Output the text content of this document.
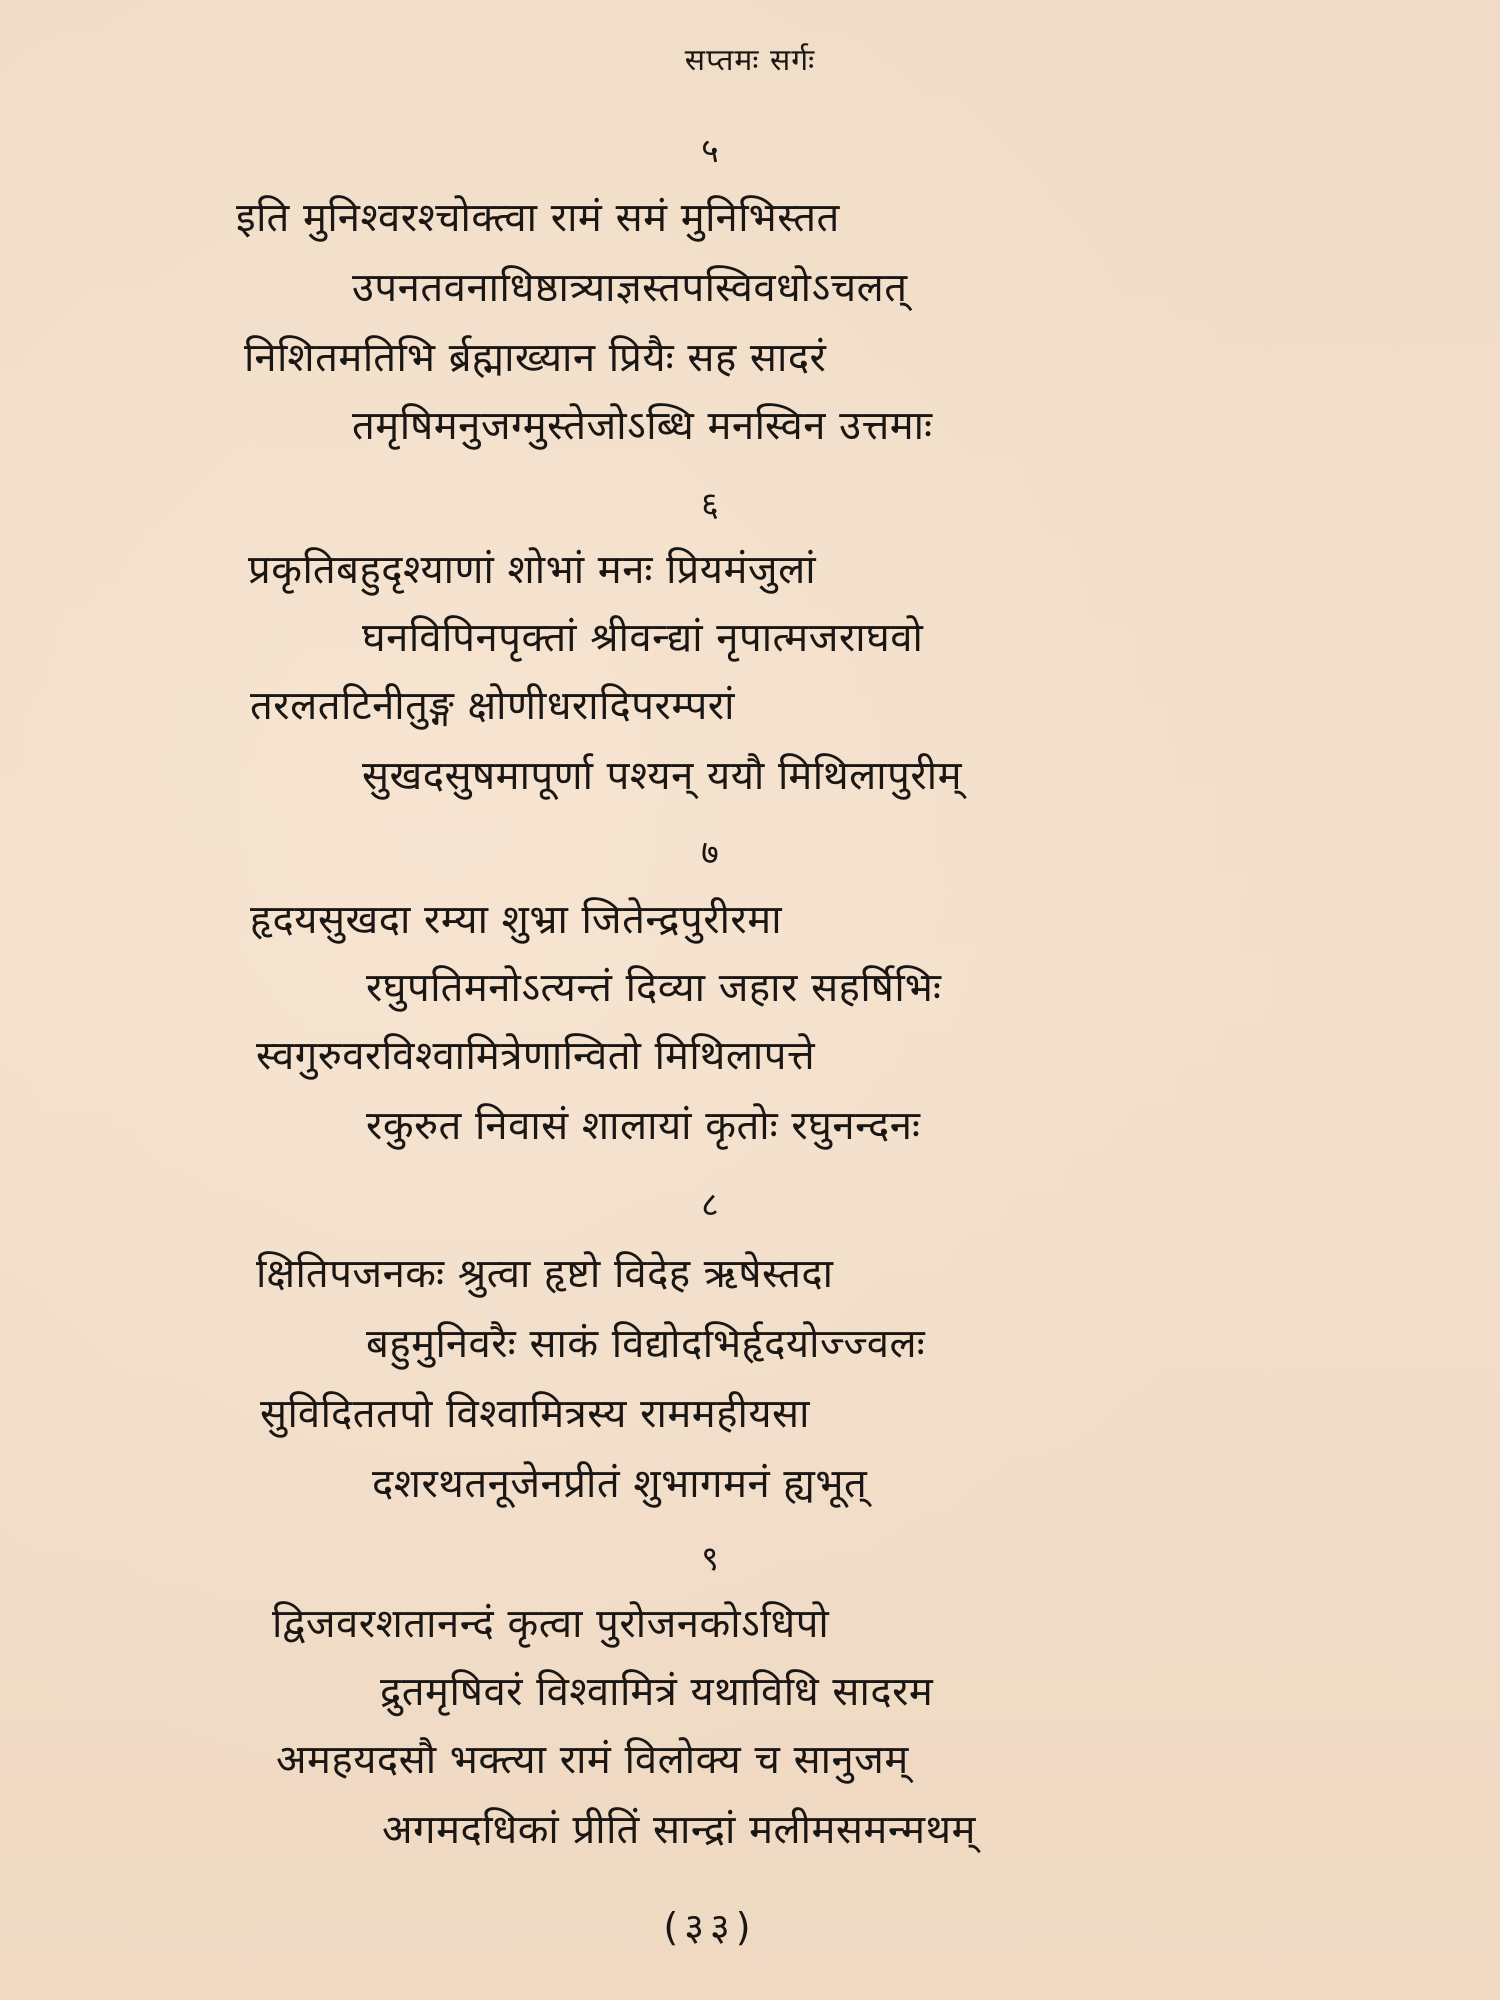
सप्तमः सर्गः
५
इति मुनिश्वरश्चोक्त्वा रामं समं मुनिभिस्तत
उपनतवनाधिष्ठात्र्याज्ञस्तपस्विवधोऽचलत्
निशितमतिभि र्ब्रह्माख्यान प्रियैः सह सादरं
तमृषिमनुजग्मुस्तेजोऽब्धि मनस्विन उत्तमाः
६
प्रकृतिबहुदृश्याणां शोभां मनः प्रियमंजुलां
घनविपिनपृक्तां श्रीवन्द्यां नृपात्मजराघवो
तरलतटिनीतुङ्ग क्षोणीधरादिपरम्परां
सुखदसुषमापूर्णा पश्यन् ययौ मिथिलापुरीम्
७
हृदयसुखदा रम्या शुभ्रा जितेन्द्रपुरीरमा
रघुपतिमनोऽत्यन्तं दिव्या जहार सहर्षिभिः
स्वगुरुवरविश्वामित्रेणान्वितो मिथिलापत्ते
रकुरुत निवासं शालायां कृतोः रघुनन्दनः
८
क्षितिपजनकः श्रुत्वा हृष्टो विदेह ऋषेस्तदा
बहुमुनिवरैः साकं विद्योदभिर्हृदयोज्ज्वलः
सुविदिततपो विश्वामित्रस्य राममहीयसा
दशरथतनूजेनप्रीतं शुभागमनं ह्यभूत्
९
द्विजवरशतानन्दं कृत्वा पुरोजनकोऽधिपो
द्रुतमृषिवरं विश्वामित्रं यथाविधि सादरम
अमहयदसौ भक्त्या रामं विलोक्य च सानुजम्
अगमदधिकां प्रीतिं सान्द्रां मलीमसमन्मथम्
(३३)
